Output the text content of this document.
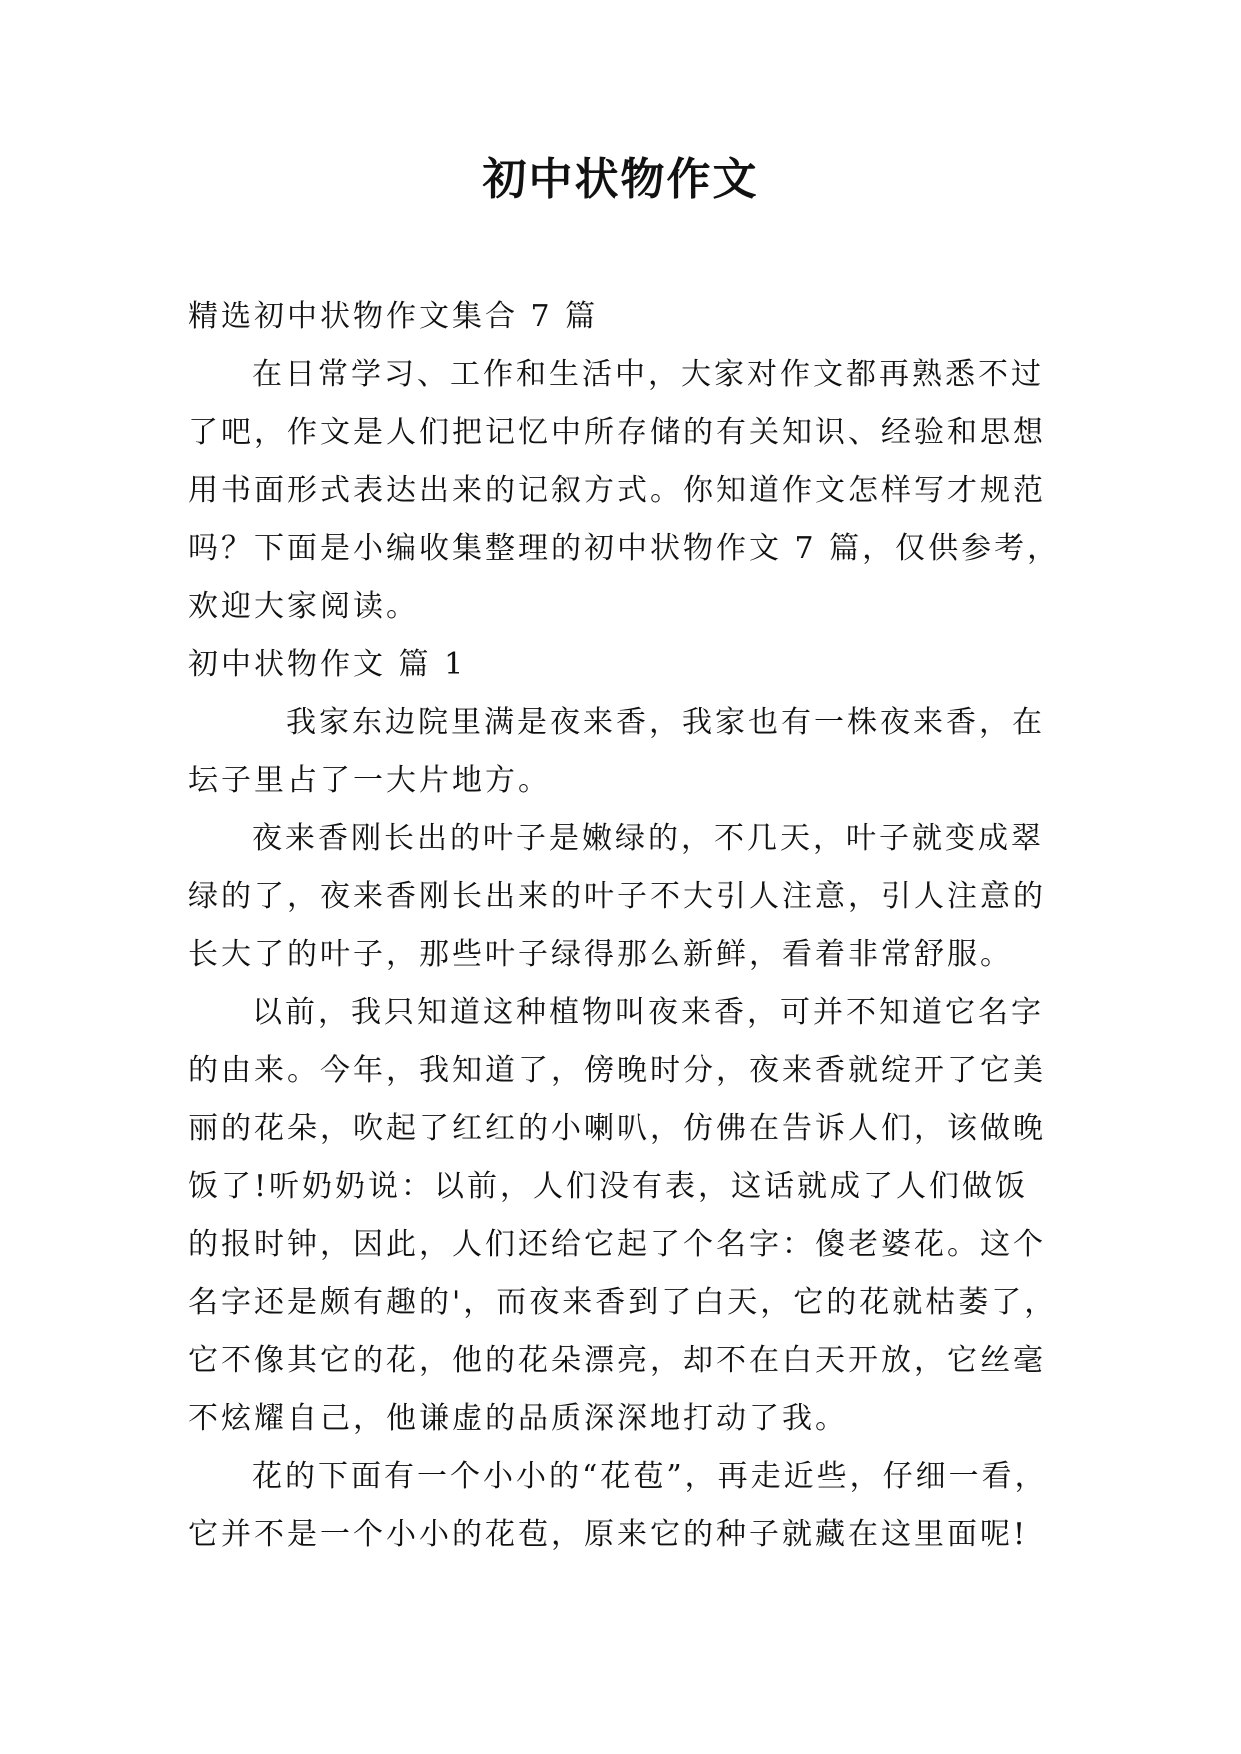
初中状物作文
精选初中状物作文集合 7 篇
在日常学习、工作和生活中，大家对作文都再熟悉不过
了吧，作文是人们把记忆中所存储的有关知识、经验和思想
用书面形式表达出来的记叙方式。你知道作文怎样写才规范
吗？下面是小编收集整理的初中状物作文 7 篇，仅供参考，
欢迎大家阅读。
初中状物作文 篇 1
我家东边院里满是夜来香，我家也有一株夜来香，在
坛子里占了一大片地方。
夜来香刚长出的叶子是嫩绿的，不几天，叶子就变成翠
绿的了，夜来香刚长出来的叶子不大引人注意，引人注意的
长大了的叶子，那些叶子绿得那么新鲜，看着非常舒服。
以前，我只知道这种植物叫夜来香，可并不知道它名字
的由来。今年，我知道了，傍晚时分，夜来香就绽开了它美
丽的花朵，吹起了红红的小喇叭，仿佛在告诉人们，该做晚
饭了!听奶奶说：以前，人们没有表，这话就成了人们做饭
的报时钟，因此，人们还给它起了个名字：傻老婆花。这个
名字还是颇有趣的'，而夜来香到了白天，它的花就枯萎了，
它不像其它的花，他的花朵漂亮，却不在白天开放，它丝毫
不炫耀自己，他谦虚的品质深深地打动了我。
花的下面有一个小小的“花苞”，再走近些，仔细一看，
它并不是一个小小的花苞，原来它的种子就藏在这里面呢!
